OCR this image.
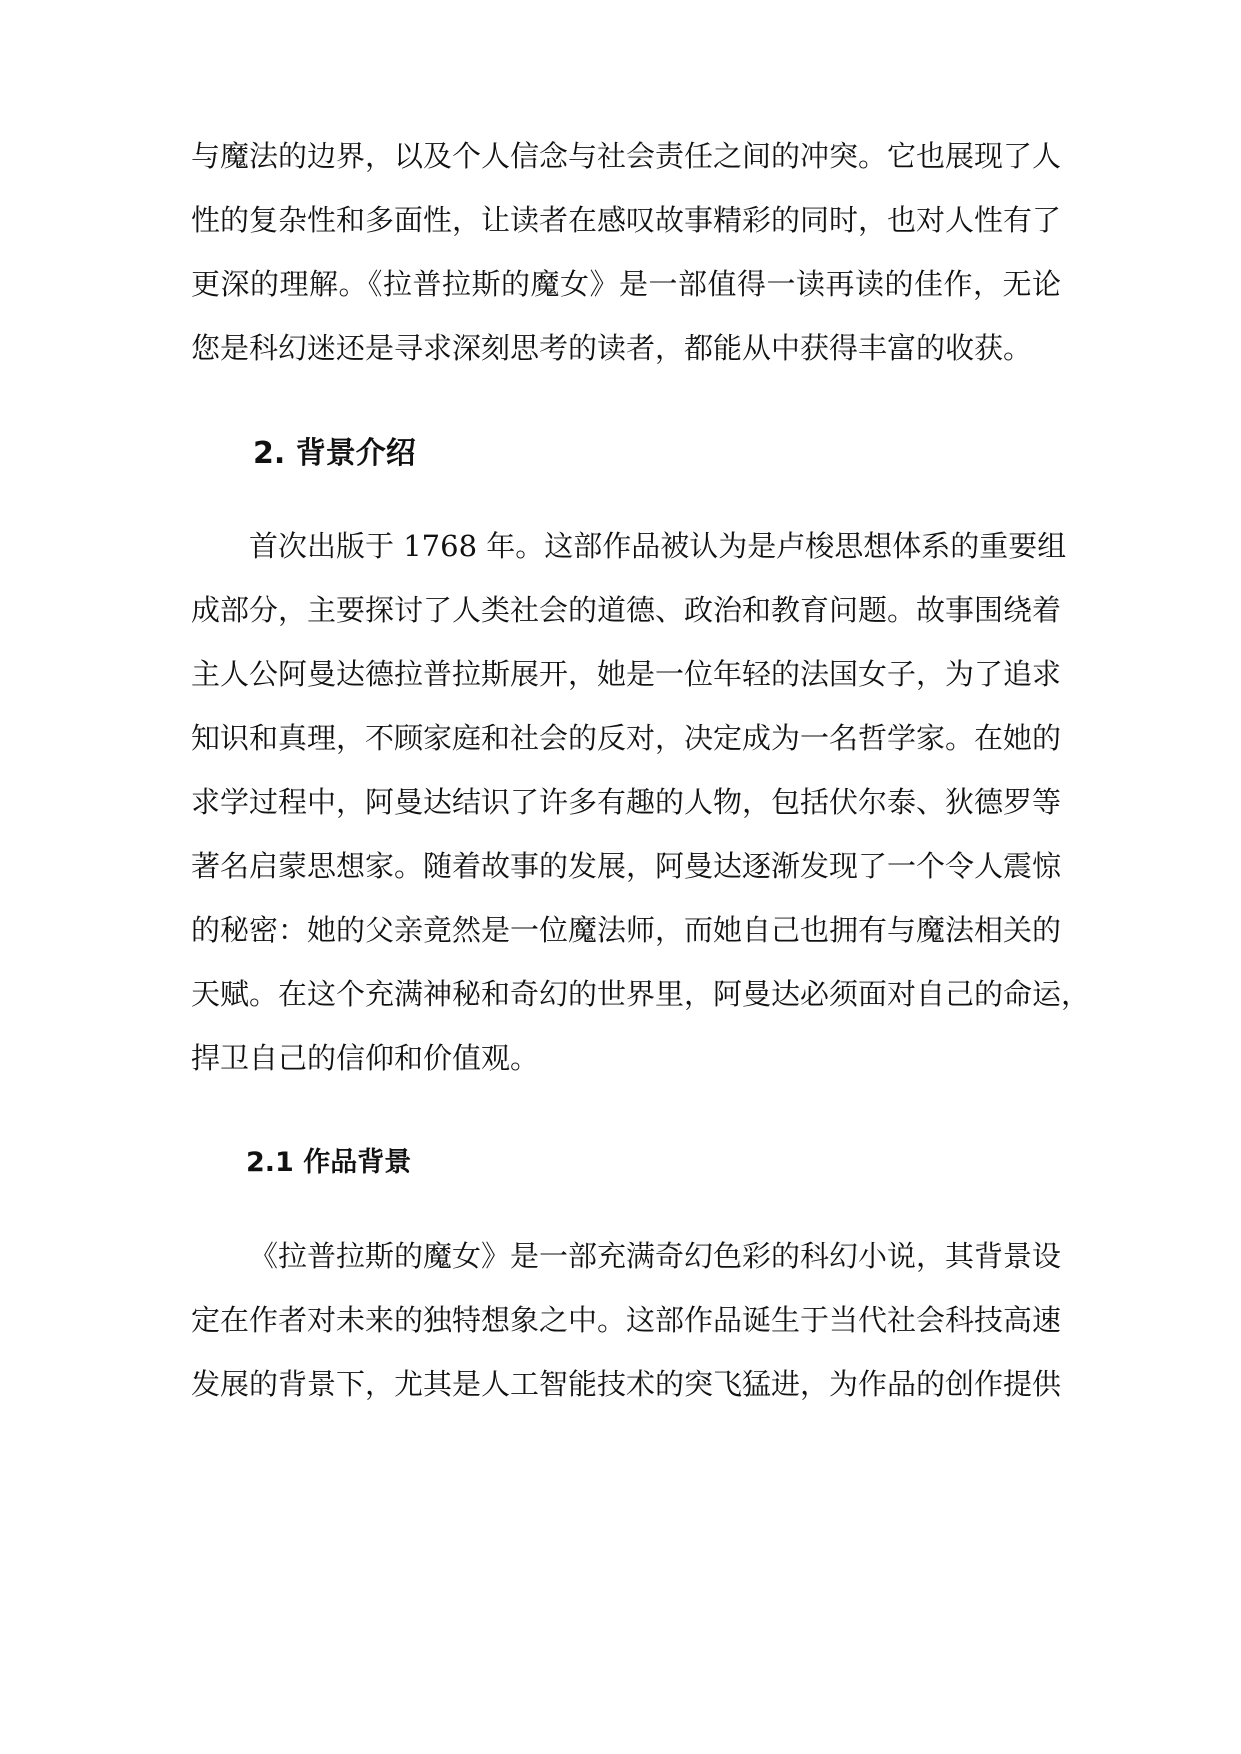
与魔法的边界，以及个人信念与社会责任之间的冲突。它也展现了人
性的复杂性和多面性，让读者在感叹故事精彩的同时，也对人性有了
更深的理解。《拉普拉斯的魔女》是一部值得一读再读的佳作，无论
您是科幻迷还是寻求深刻思考的读者，都能从中获得丰富的收获。
2. 背景介绍
首次出版于 1768 年。这部作品被认为是卢梭思想体系的重要组
成部分，主要探讨了人类社会的道德、政治和教育问题。故事围绕着
主人公阿曼达德拉普拉斯展开，她是一位年轻的法国女子，为了追求
知识和真理，不顾家庭和社会的反对，决定成为一名哲学家。在她的
求学过程中，阿曼达结识了许多有趣的人物，包括伏尔泰、狄德罗等
著名启蒙思想家。随着故事的发展，阿曼达逐渐发现了一个令人震惊
的秘密：她的父亲竟然是一位魔法师，而她自己也拥有与魔法相关的
天赋。在这个充满神秘和奇幻的世界里，阿曼达必须面对自己的命运，
捍卫自己的信仰和价值观。
2.1 作品背景
《拉普拉斯的魔女》是一部充满奇幻色彩的科幻小说，其背景设
定在作者对未来的独特想象之中。这部作品诞生于当代社会科技高速
发展的背景下，尤其是人工智能技术的突飞猛进，为作品的创作提供
